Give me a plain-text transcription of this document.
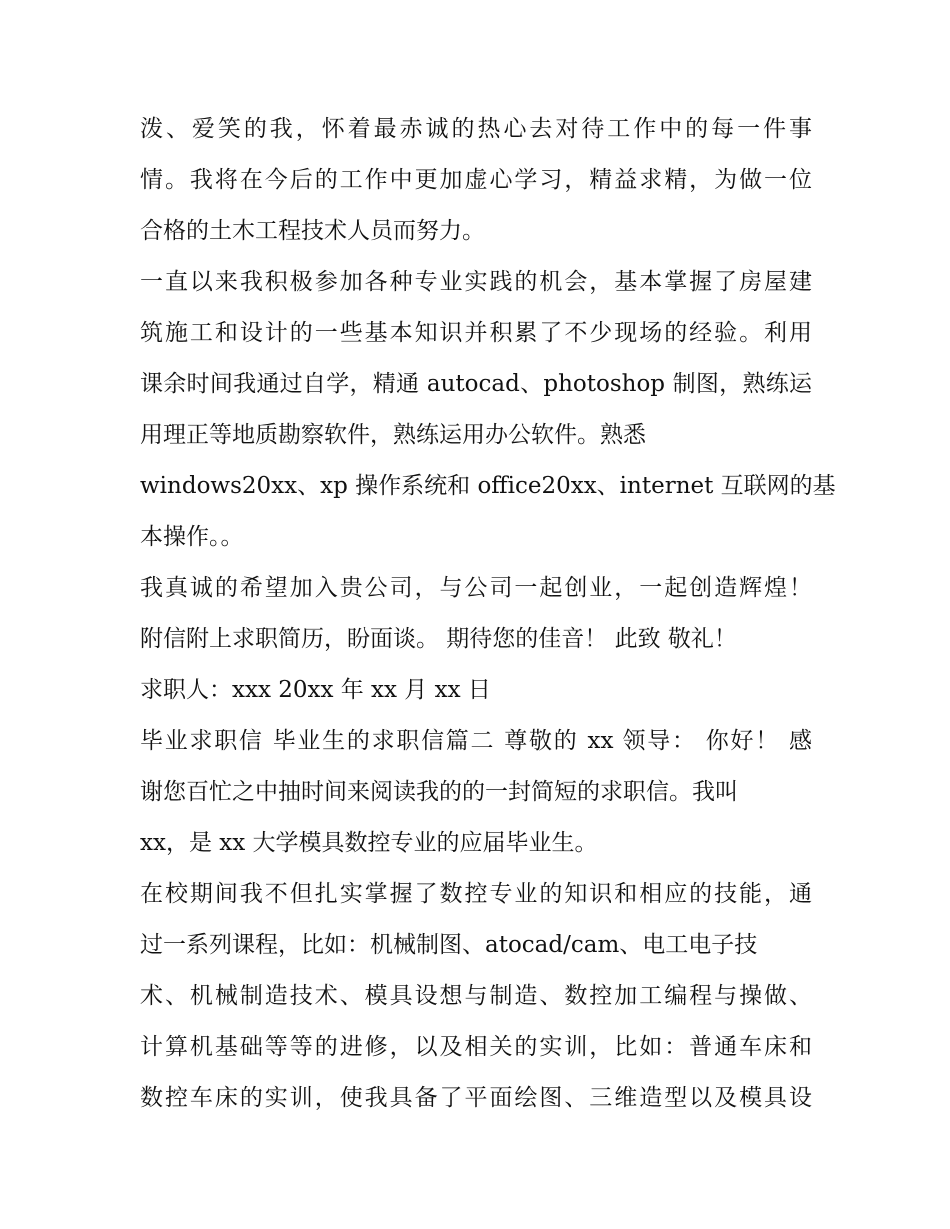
泼、爱笑的我，怀着最赤诚的热心去对待工作中的每一件事
情。我将在今后的工作中更加虚心学习，精益求精，为做一位
合格的土木工程技术人员而努力。
一直以来我积极参加各种专业实践的机会，基本掌握了房屋建
筑施工和设计的一些基本知识并积累了不少现场的经验。利用
课余时间我通过自学，精通 autocad、photoshop 制图，熟练运
用理正等地质勘察软件，熟练运用办公软件。熟悉
windows20xx、xp 操作系统和 office20xx、internet 互联网的基
本操作。。
我真诚的希望加入贵公司，与公司一起创业，一起创造辉煌！
附信附上求职简历，盼面谈。 期待您的佳音！ 此致 敬礼！
求职人：xxx 20xx 年 xx 月 xx 日
毕业求职信 毕业生的求职信篇二 尊敬的 xx 领导： 你好！ 感
谢您百忙之中抽时间来阅读我的的一封简短的求职信。我叫
xx，是 xx 大学模具数控专业的应届毕业生。
在校期间我不但扎实掌握了数控专业的知识和相应的技能，通
过一系列课程，比如：机械制图、atocad/cam、电工电子技
术、机械制造技术、模具设想与制造、数控加工编程与操做、
计算机基础等等的进修，以及相关的实训，比如：普通车床和
数控车床的实训，使我具备了平面绘图、三维造型以及模具设
